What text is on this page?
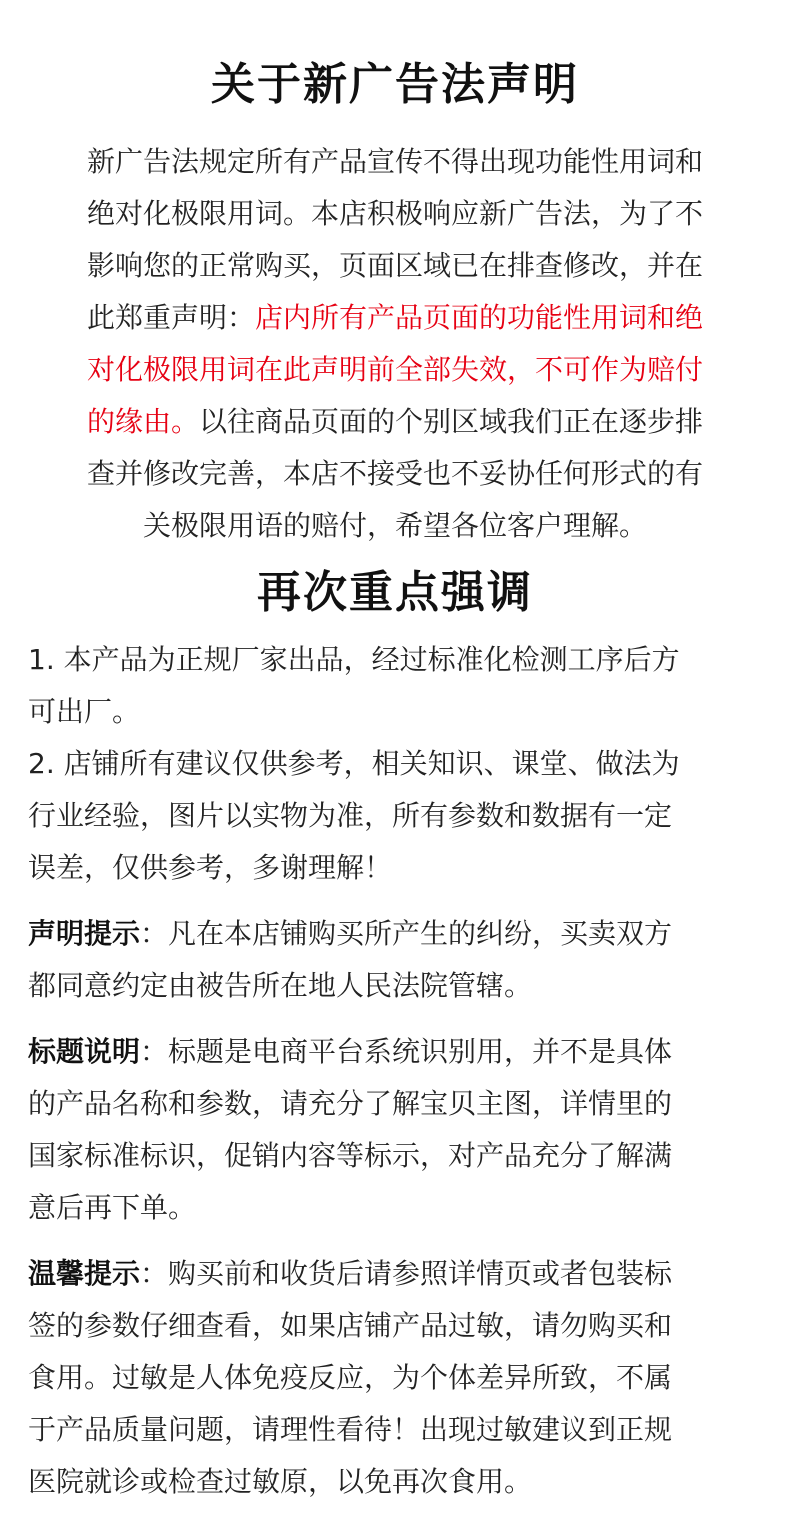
关于新广告法声明
新广告法规定所有产品宣传不得出现功能性用词和
绝对化极限用词。本店积极响应新广告法，为了不
影响您的正常购买，页面区域已在排查修改，并在
此郑重声明：店内所有产品页面的功能性用词和绝
对化极限用词在此声明前全部失效，不可作为赔付
的缘由。以往商品页面的个别区域我们正在逐步排
查并修改完善，本店不接受也不妥协任何形式的有
关极限用语的赔付，希望各位客户理解。
再次重点强调
1. 本产品为正规厂家出品，经过标准化检测工序后方
可出厂。
2. 店铺所有建议仅供参考，相关知识、课堂、做法为
行业经验，图片以实物为准，所有参数和数据有一定
误差，仅供参考，多谢理解！
声明提示：凡在本店铺购买所产生的纠纷，买卖双方
都同意约定由被告所在地人民法院管辖。
标题说明：标题是电商平台系统识别用，并不是具体
的产品名称和参数，请充分了解宝贝主图，详情里的
国家标准标识，促销内容等标示，对产品充分了解满
意后再下单。
温馨提示：购买前和收货后请参照详情页或者包装标
签的参数仔细查看，如果店铺产品过敏，请勿购买和
食用。过敏是人体免疫反应，为个体差异所致，不属
于产品质量问题，请理性看待！出现过敏建议到正规
医院就诊或检查过敏原，以免再次食用。
